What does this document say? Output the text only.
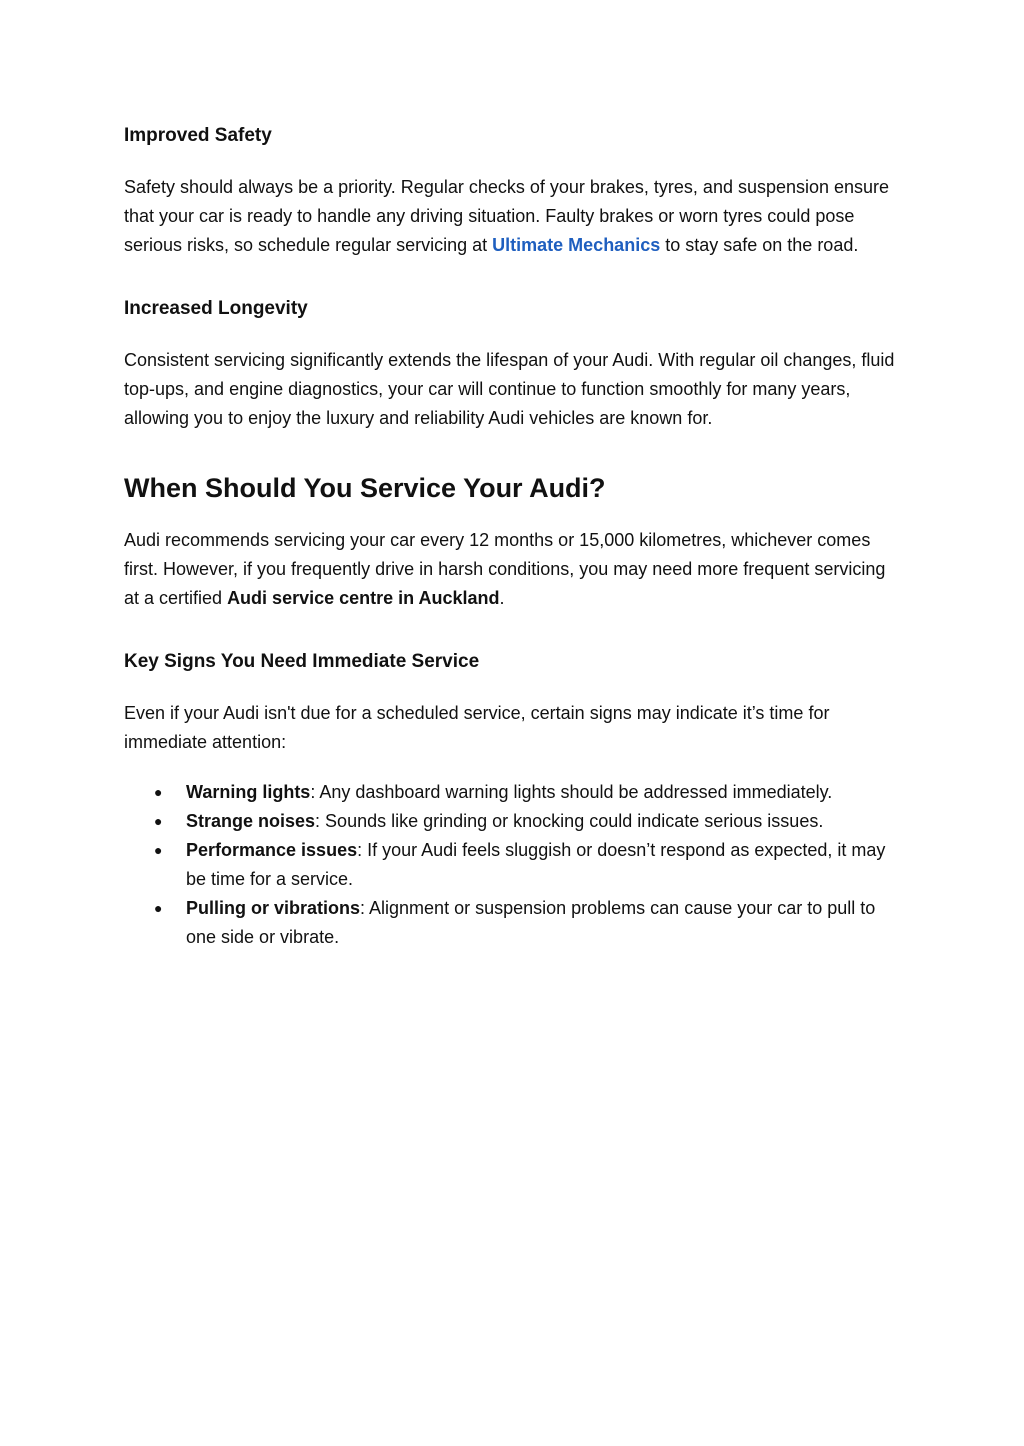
Improved Safety

Safety should always be a priority. Regular checks of your brakes, tyres, and suspension ensure that your car is ready to handle any driving situation. Faulty brakes or worn tyres could pose serious risks, so schedule regular servicing at Ultimate Mechanics to stay safe on the road.

Increased Longevity

Consistent servicing significantly extends the lifespan of your Audi. With regular oil changes, fluid top-ups, and engine diagnostics, your car will continue to function smoothly for many years, allowing you to enjoy the luxury and reliability Audi vehicles are known for.

When Should You Service Your Audi?

Audi recommends servicing your car every 12 months or 15,000 kilometres, whichever comes first. However, if you frequently drive in harsh conditions, you may need more frequent servicing at a certified Audi service centre in Auckland.

Key Signs You Need Immediate Service

Even if your Audi isn't due for a scheduled service, certain signs may indicate it’s time for immediate attention:

● Warning lights: Any dashboard warning lights should be addressed immediately.
● Strange noises: Sounds like grinding or knocking could indicate serious issues.
● Performance issues: If your Audi feels sluggish or doesn’t respond as expected, it may be time for a service.
● Pulling or vibrations: Alignment or suspension problems can cause your car to pull to one side or vibrate.
